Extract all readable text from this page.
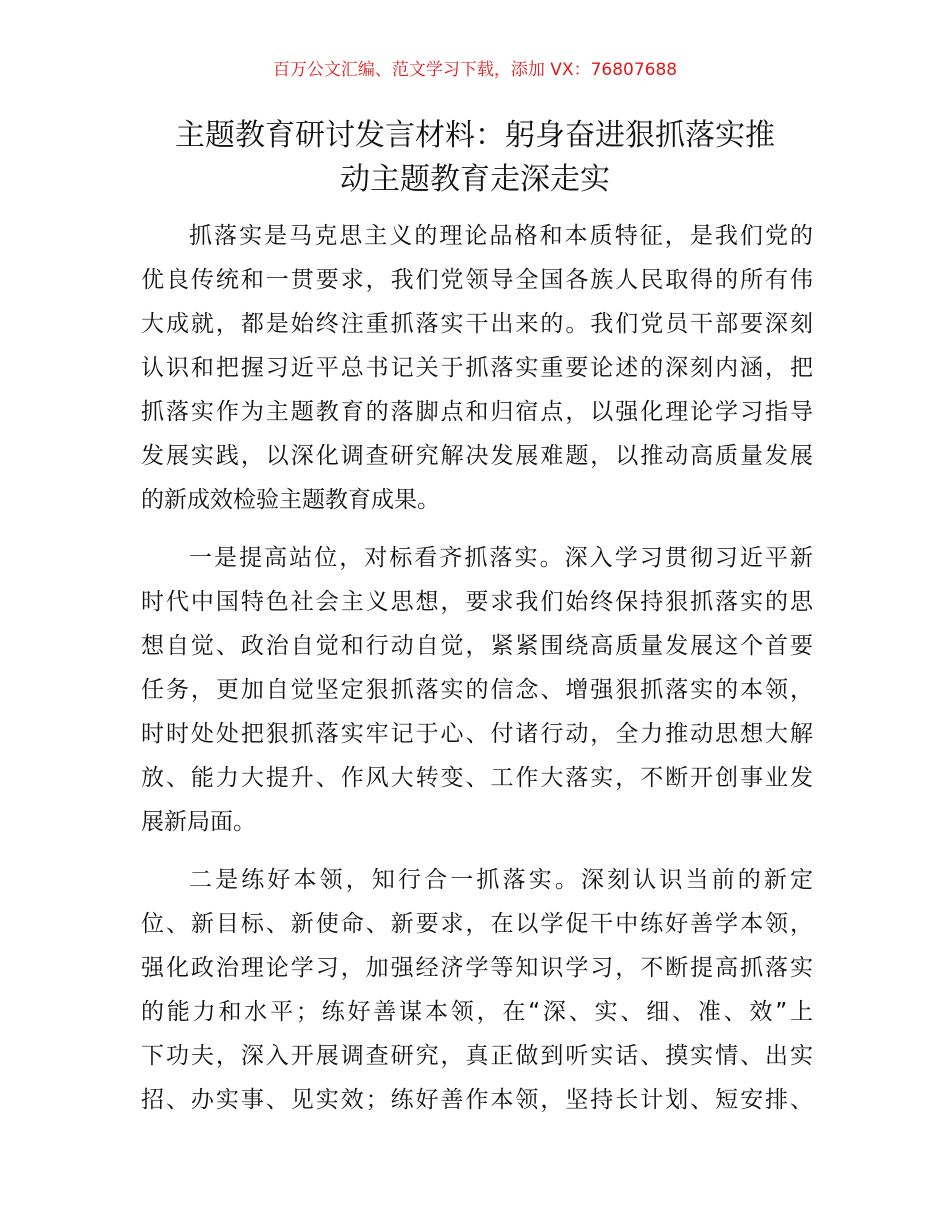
百万公文汇编、范文学习下载，添加 VX：76807688
主题教育研讨发言材料：躬身奋进狠抓落实推
动主题教育走深走实

抓落实是马克思主义的理论品格和本质特征，是我们党的
优良传统和一贯要求，我们党领导全国各族人民取得的所有伟
大成就，都是始终注重抓落实干出来的。我们党员干部要深刻
认识和把握习近平总书记关于抓落实重要论述的深刻内涵，把
抓落实作为主题教育的落脚点和归宿点，以强化理论学习指导
发展实践，以深化调查研究解决发展难题，以推动高质量发展
的新成效检验主题教育成果。

一是提高站位，对标看齐抓落实。深入学习贯彻习近平新
时代中国特色社会主义思想，要求我们始终保持狠抓落实的思
想自觉、政治自觉和行动自觉，紧紧围绕高质量发展这个首要
任务，更加自觉坚定狠抓落实的信念、增强狠抓落实的本领，
时时处处把狠抓落实牢记于心、付诸行动，全力推动思想大解
放、能力大提升、作风大转变、工作大落实，不断开创事业发
展新局面。

二是练好本领，知行合一抓落实。深刻认识当前的新定
位、新目标、新使命、新要求，在以学促干中练好善学本领，
强化政治理论学习，加强经济学等知识学习，不断提高抓落实
的能力和水平；练好善谋本领，在“深、实、细、准、效”上
下功夫，深入开展调查研究，真正做到听实话、摸实情、出实
招、办实事、见实效；练好善作本领，坚持长计划、短安排、
